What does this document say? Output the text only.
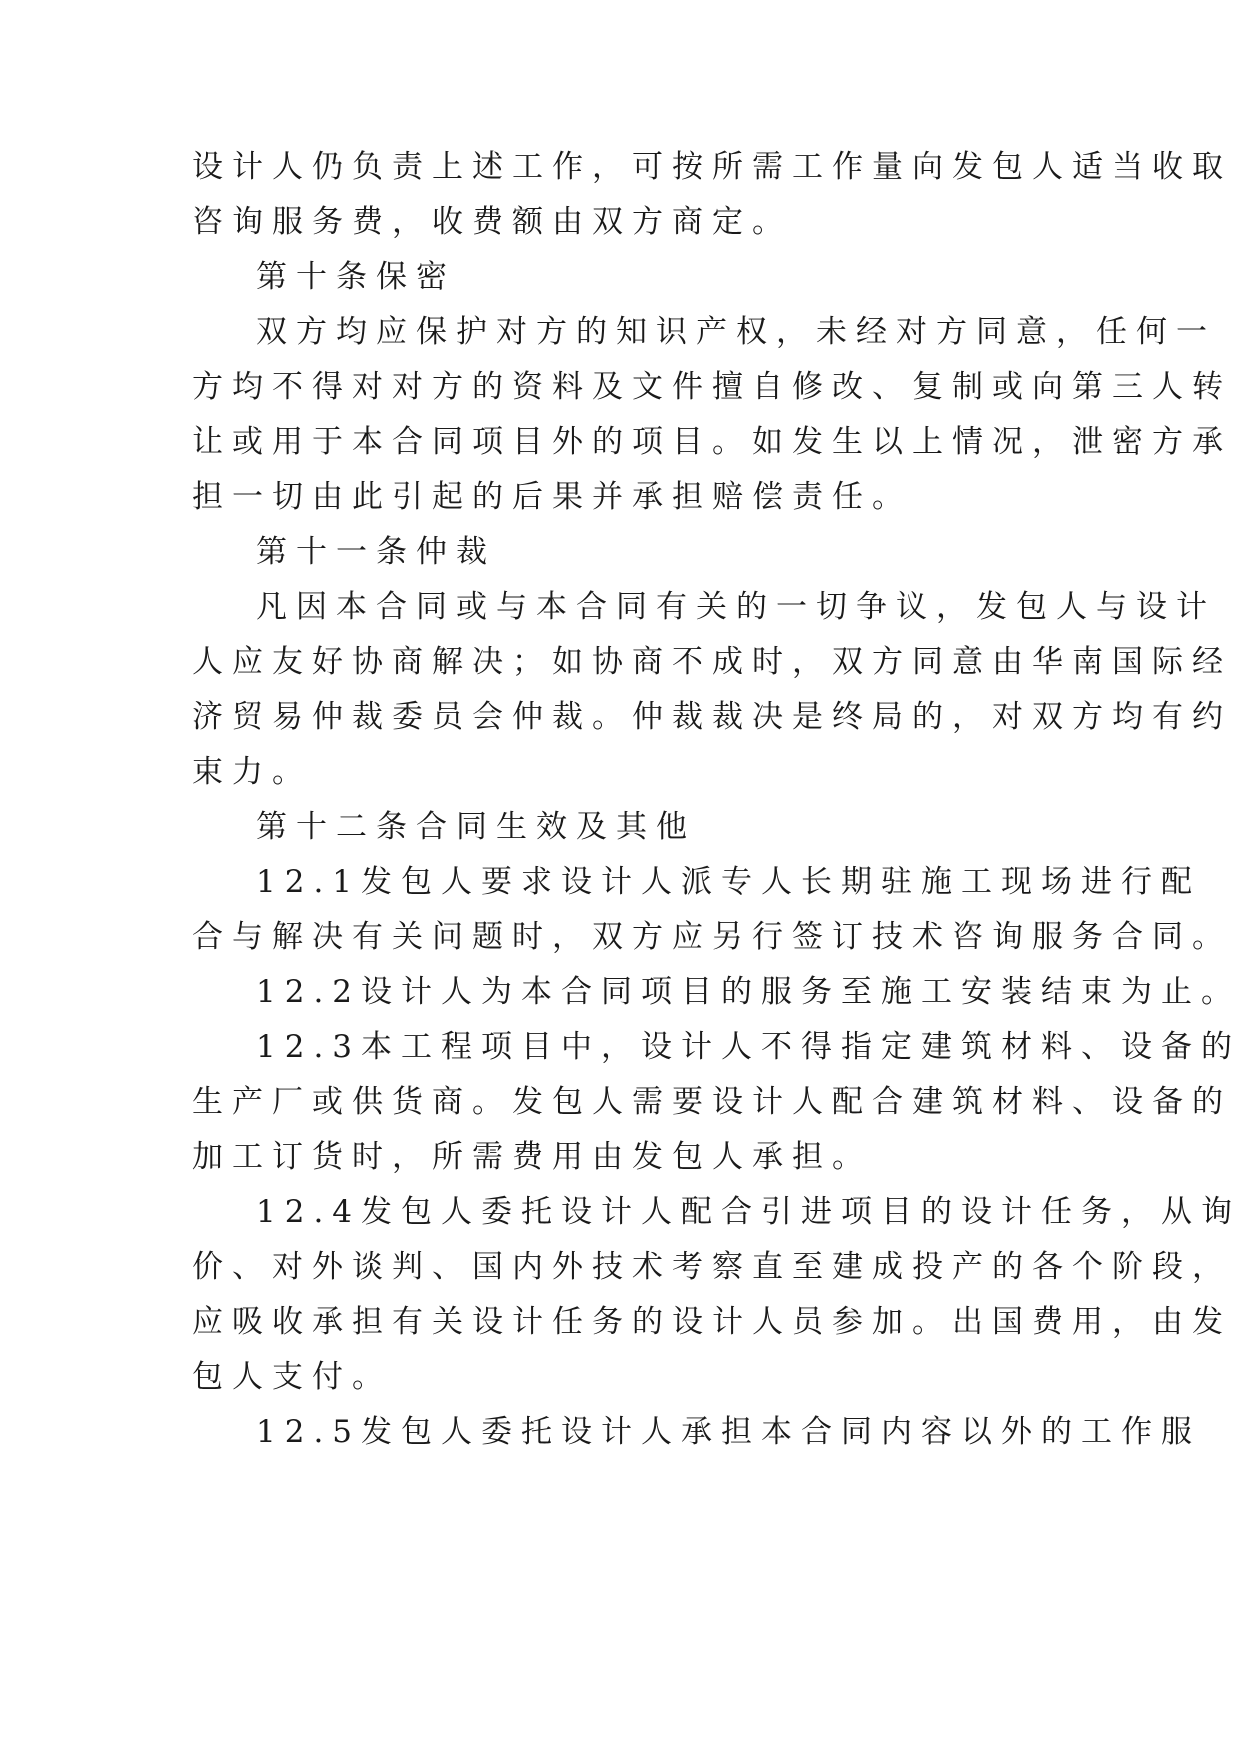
设计人仍负责上述工作，可按所需工作量向发包人适当收取
咨询服务费，收费额由双方商定。
第十条保密
双方均应保护对方的知识产权，未经对方同意，任何一
方均不得对对方的资料及文件擅自修改、复制或向第三人转
让或用于本合同项目外的项目。如发生以上情况，泄密方承
担一切由此引起的后果并承担赔偿责任。
第十一条仲裁
凡因本合同或与本合同有关的一切争议，发包人与设计
人应友好协商解决；如协商不成时，双方同意由华南国际经
济贸易仲裁委员会仲裁。仲裁裁决是终局的，对双方均有约
束力。
第十二条合同生效及其他
12.1发包人要求设计人派专人长期驻施工现场进行配
合与解决有关问题时，双方应另行签订技术咨询服务合同。
12.2设计人为本合同项目的服务至施工安装结束为止。
12.3本工程项目中，设计人不得指定建筑材料、设备的
生产厂或供货商。发包人需要设计人配合建筑材料、设备的
加工订货时，所需费用由发包人承担。
12.4发包人委托设计人配合引进项目的设计任务，从询
价、对外谈判、国内外技术考察直至建成投产的各个阶段，
应吸收承担有关设计任务的设计人员参加。出国费用，由发
包人支付。
12.5发包人委托设计人承担本合同内容以外的工作服
